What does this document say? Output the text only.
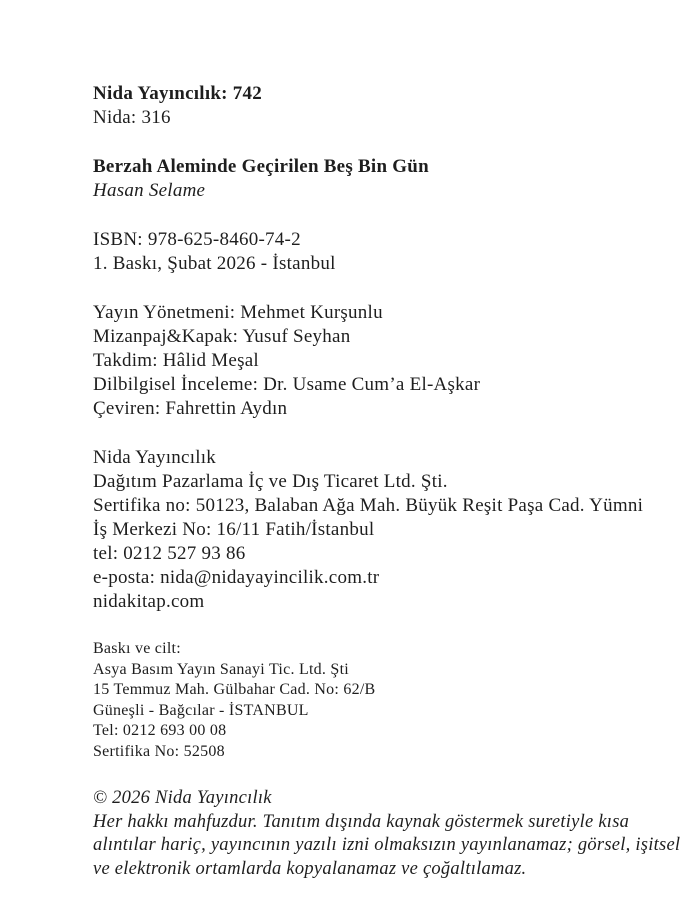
Nida Yayıncılık: 742
Nida: 316
Berzah Aleminde Geçirilen Beş Bin Gün
Hasan Selame
ISBN: 978-625-8460-74-2
1. Baskı, Şubat 2026 - İstanbul
Yayın Yönetmeni: Mehmet Kurşunlu
Mizanpaj&Kapak: Yusuf Seyhan
Takdim: Hâlid Meşal
Dilbilgisel İnceleme: Dr. Usame Cum’a El-Aşkar
Çeviren: Fahrettin Aydın
Nida Yayıncılık
Dağıtım Pazarlama İç ve Dış Ticaret Ltd. Şti.
Sertifika no: 50123, Balaban Ağa Mah. Büyük Reşit Paşa Cad. Yümni
İş Merkezi No: 16/11 Fatih/İstanbul
tel: 0212 527 93 86
e-posta: nida@nidayayincilik.com.tr
nidakitap.com
Baskı ve cilt:
Asya Basım Yayın Sanayi Tic. Ltd. Şti
15 Temmuz Mah. Gülbahar Cad. No: 62/B
Güneşli - Bağcılar - İSTANBUL
Tel: 0212 693 00 08
Sertifika No: 52508
© 2026 Nida Yayıncılık
Her hakkı mahfuzdur. Tanıtım dışında kaynak göstermek suretiyle kısa
alıntılar hariç, yayıncının yazılı izni olmaksızın yayınlanamaz; görsel, işitsel
ve elektronik ortamlarda kopyalanamaz ve çoğaltılamaz.
